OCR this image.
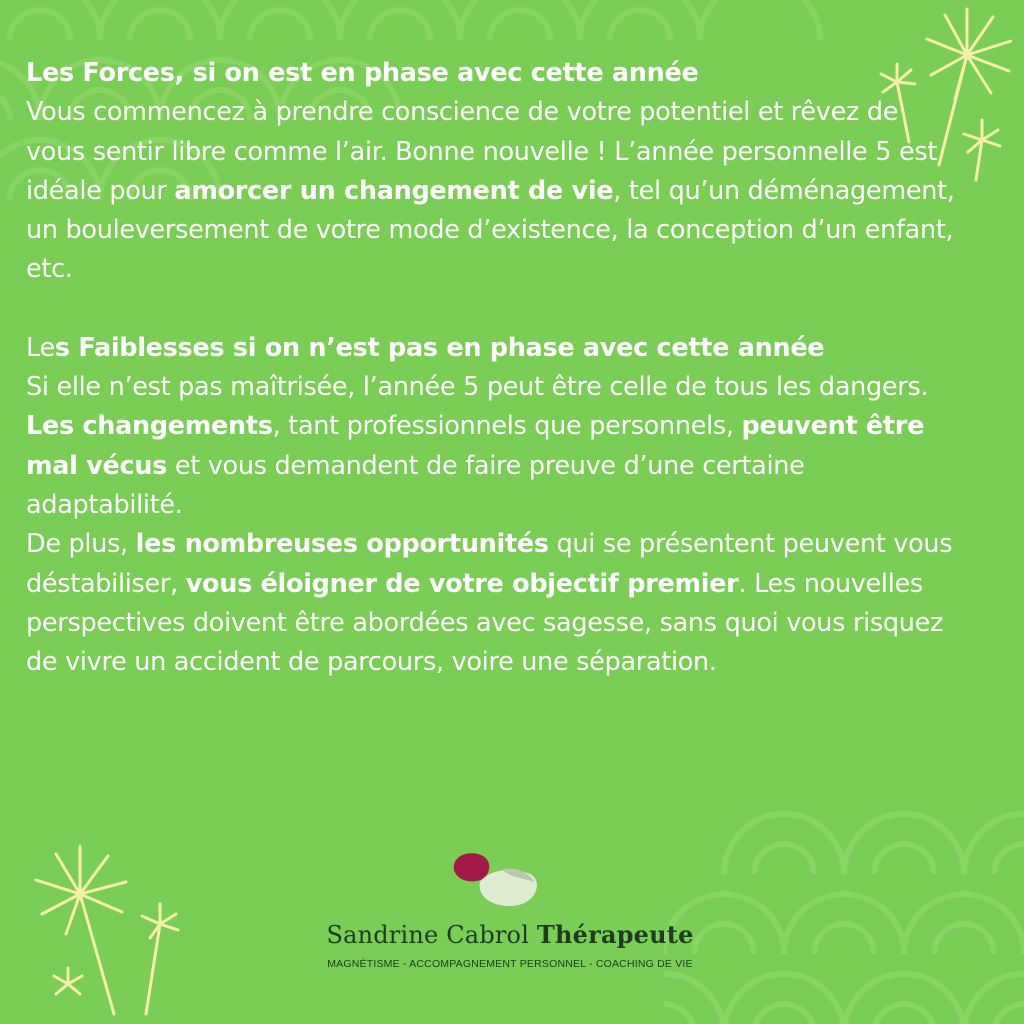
Les Forces, si on est en phase avec cette année

Vous commencez à prendre conscience de votre potentiel et rêvez de vous sentir libre comme l’air. Bonne nouvelle ! L’année personnelle 5 est idéale pour amorcer un changement de vie, tel qu’un déménagement, un bouleversement de votre mode d’existence, la conception d’un enfant, etc.

Les Faiblesses si on n’est pas en phase avec cette année

Si elle n’est pas maîtrisée, l’année 5 peut être celle de tous les dangers. Les changements, tant professionnels que personnels, peuvent être mal vécus et vous demandent de faire preuve d’une certaine adaptabilité.

De plus, les nombreuses opportunités qui se présentent peuvent vous déstabiliser, vous éloigner de votre objectif premier. Les nouvelles perspectives doivent être abordées avec sagesse, sans quoi vous risquez de vivre un accident de parcours, voire une séparation.

Sandrine Cabrol Thérapeute
MAGNÉTISME - ACCOMPAGNEMENT PERSONNEL - COACHING DE VIE
